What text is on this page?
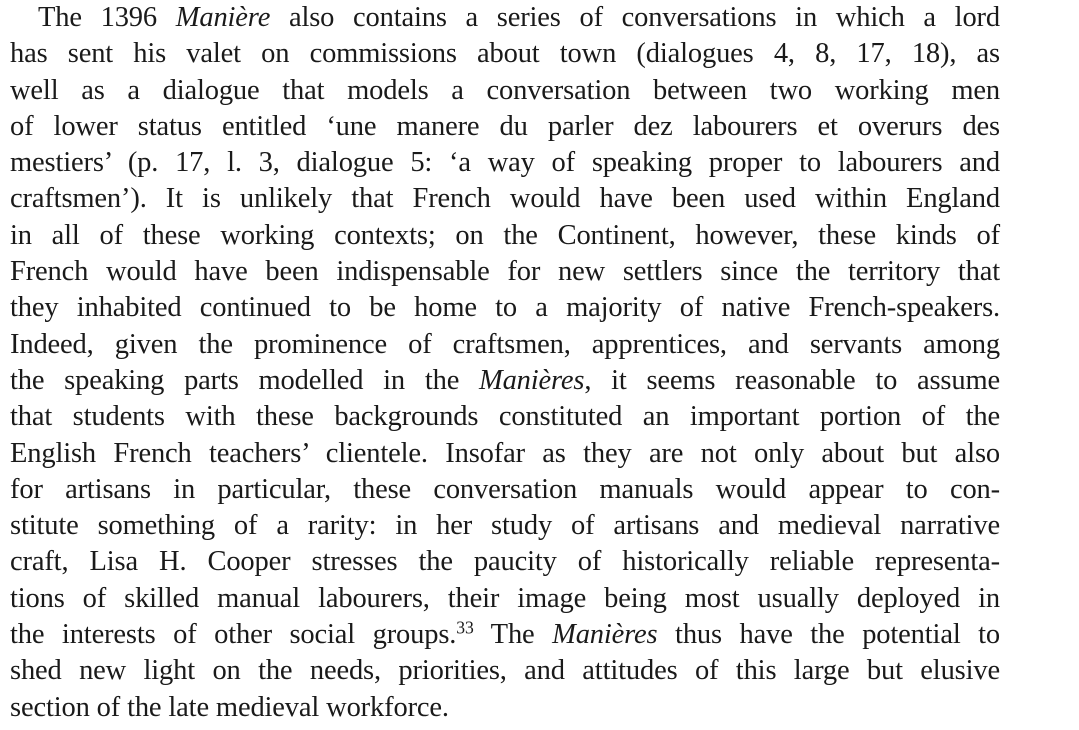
The 1396 Manière also contains a series of conversations in which a lord
has sent his valet on commissions about town (dialogues 4, 8, 17, 18), as
well as a dialogue that models a conversation between two working men
of lower status entitled ‘une manere du parler dez labourers et overurs des
mestiers’ (p. 17, l. 3, dialogue 5: ‘a way of speaking proper to labourers and
craftsmen’). It is unlikely that French would have been used within England
in all of these working contexts; on the Continent, however, these kinds of
French would have been indispensable for new settlers since the territory that
they inhabited continued to be home to a majority of native French-speakers.
Indeed, given the prominence of craftsmen, apprentices, and servants among
the speaking parts modelled in the Manières, it seems reasonable to assume
that students with these backgrounds constituted an important portion of the
English French teachers’ clientele. Insofar as they are not only about but also
for artisans in particular, these conversation manuals would appear to con-
stitute something of a rarity: in her study of artisans and medieval narrative
craft, Lisa H. Cooper stresses the paucity of historically reliable representa-
tions of skilled manual labourers, their image being most usually deployed in
the interests of other social groups.$^{33}$ The Manières thus have the potential to
shed new light on the needs, priorities, and attitudes of this large but elusive
section of the late medieval workforce.
